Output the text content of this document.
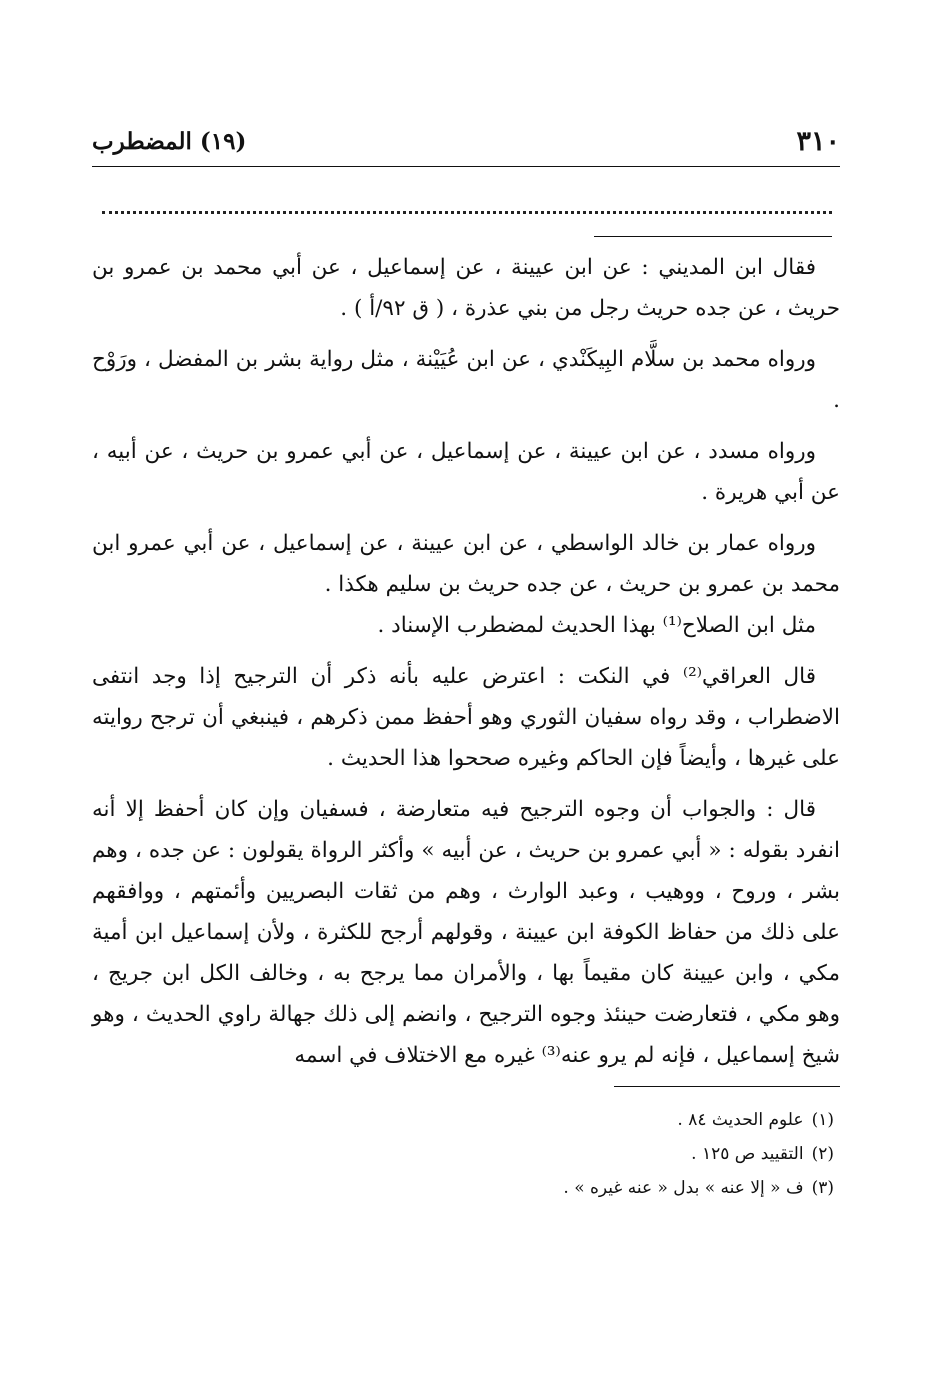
٣١٠
(١٩) المضطرب

فقال ابن المديني : عن ابن عيينة ، عن إسماعيل ، عن أبي محمد بن عمرو بن حريث ، عن جده حريث رجل من بني عذرة ، ( ق ٩٢/أ ) .

ورواه محمد بن سلَّام البِيكَنْدي ، عن ابن عُيَيْنة ، مثل رواية بشر بن المفضل ، ورَوْح .

ورواه مسدد ، عن ابن عيينة ، عن إسماعيل ، عن أبي عمرو بن حريث ، عن أبيه ، عن أبي هريرة .

ورواه عمار بن خالد الواسطي ، عن ابن عيينة ، عن إسماعيل ، عن أبي عمرو ابن محمد بن عمرو بن حريث ، عن جده حريث بن سليم هكذا .

مثل ابن الصلاح⁽¹⁾ بهذا الحديث لمضطرب الإسناد .

قال العراقي⁽²⁾ في النكت : اعترض عليه بأنه ذكر أن الترجيح إذا وجد انتفى الاضطراب ، وقد رواه سفيان الثوري وهو أحفظ ممن ذكرهم ، فينبغي أن ترجح روايته على غيرها ، وأيضاً فإن الحاكم وغيره صححوا هذا الحديث .

قال : والجواب أن وجوه الترجيح فيه متعارضة ، فسفيان وإن كان أحفظ إلا أنه انفرد بقوله : « أبي عمرو بن حريث ، عن أبيه » وأكثر الرواة يقولون : عن جده ، وهم بشر ، وروح ، ووهيب ، وعبد الوارث ، وهم من ثقات البصريين وأئمتهم ، ووافقهم على ذلك من حفاظ الكوفة ابن عيينة ، وقولهم أرجح للكثرة ، ولأن إسماعيل ابن أمية مكي ، وابن عيينة كان مقيماً بها ، والأمران مما يرجح به ، وخالف الكل ابن جريج ، وهو مكي ، فتعارضت حينئذ وجوه الترجيح ، وانضم إلى ذلك جهالة راوي الحديث ، وهو شيخ إسماعيل ، فإنه لم يرو عنه⁽³⁾ غيره مع الاختلاف في اسمه

(١)علوم الحديث ٨٤ .
(٢)التقييد ص ١٢٥ .
(٣)ف « إلا عنه » بدل « عنه غيره » .
